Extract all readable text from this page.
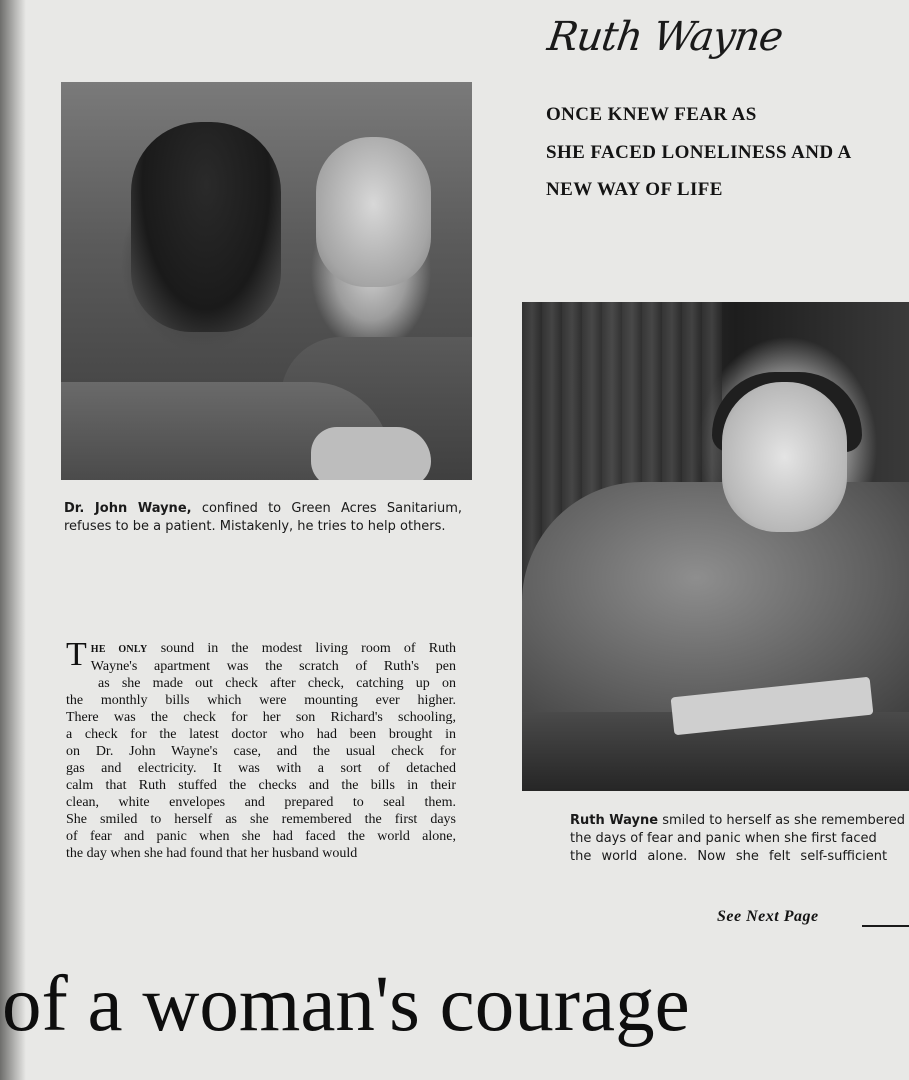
Ruth Wayne
ONCE KNEW FEAR AS
SHE FACED LONELINESS AND A
NEW WAY OF LIFE
Dr. John Wayne, confined to Green Acres Sanitarium, refuses to be a patient. Mistakenly, he tries to help others.
T HE ONLY sound in the modest living room of Ruth
Wayne's apartment was the scratch of Ruth's pen
as she made out check after check, catching up on
the monthly bills which were mounting ever higher.
There was the check for her son Richard's schooling,
a check for the latest doctor who had been brought in
on Dr. John Wayne's case, and the usual check for
gas and electricity. It was with a sort of detached
calm that Ruth stuffed the checks and the bills in their
clean, white envelopes and prepared to seal them.
She smiled to herself as she remembered the first days
of fear and panic when she had faced the world alone,
the day when she had found that her husband would
Ruth Wayne smiled to herself as she remembered
the days of fear and panic when she first faced
the world alone. Now she felt self-sufficient
See Next Page
of a woman's courage
